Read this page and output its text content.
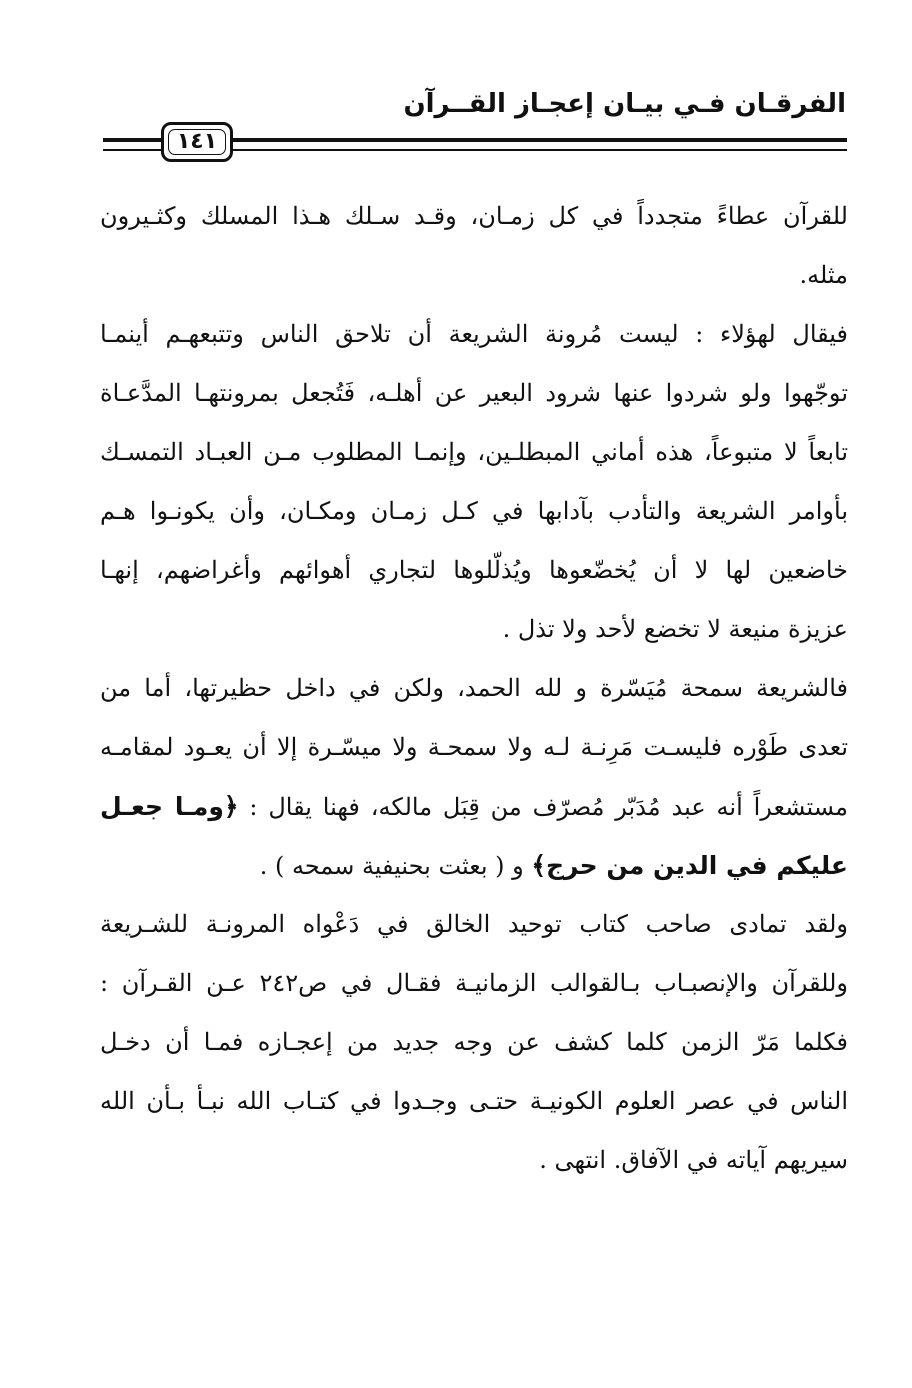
الفرقـان فـي بيـان إعجـاز القــرآن
١٤١
للقرآن عطاءً متجدداً في كل زمـان، وقـد سـلك هـذا المسلك وكثـيرون
مثله.
فيقال لهؤلاء : ليست مُرونة الشريعة أن تلاحق الناس وتتبعهـم أينمـا
توجّهوا ولو شردوا عنها شرود البعير عن أهلـه، فَتُجعل بمرونتهـا المدَّعـاة
تابعاً لا متبوعاً، هذه أماني المبطلـين، وإنمـا المطلوب مـن العبـاد التمسـك
بأوامر الشريعة والتأدب بآدابها في كـل زمـان ومكـان، وأن يكونـوا هـم
خاضعين لها لا أن يُخضّعوها ويُذلّلوها لتجاري أهوائهم وأغراضهم، إنهـا
عزيزة منيعة لا تخضع لأحد ولا تذل .
فالشريعة سمحة مُيَسّرة و لله الحمد، ولكن في داخل حظيرتها، أما من
تعدى طَوْره فليسـت مَرِنـة لـه ولا سمحـة ولا ميسّـرة إلا أن يعـود لمقامـه
مستشعراً أنه عبد مُدَبّر مُصرّف من قِبَل مالكه، فهنا يقال : ﴿ومـا جعـل
عليكم في الدين من حرج﴾ و ( بعثت بحنيفية سمحه ) .
ولقد تمادى صاحب كتاب توحيد الخالق في دَعْواه المرونـة للشـريعة
وللقرآن والإنصبـاب بـالقوالب الزمانيـة فقـال في ص٢٤٢ عـن القـرآن :
فكلما مَرّ الزمن كلما كشف عن وجه جديد من إعجـازه فمـا أن دخـل
الناس في عصر العلوم الكونيـة حتـى وجـدوا في كتـاب الله نبـأ بـأن الله
سيريهم آياته في الآفاق. انتهى .
